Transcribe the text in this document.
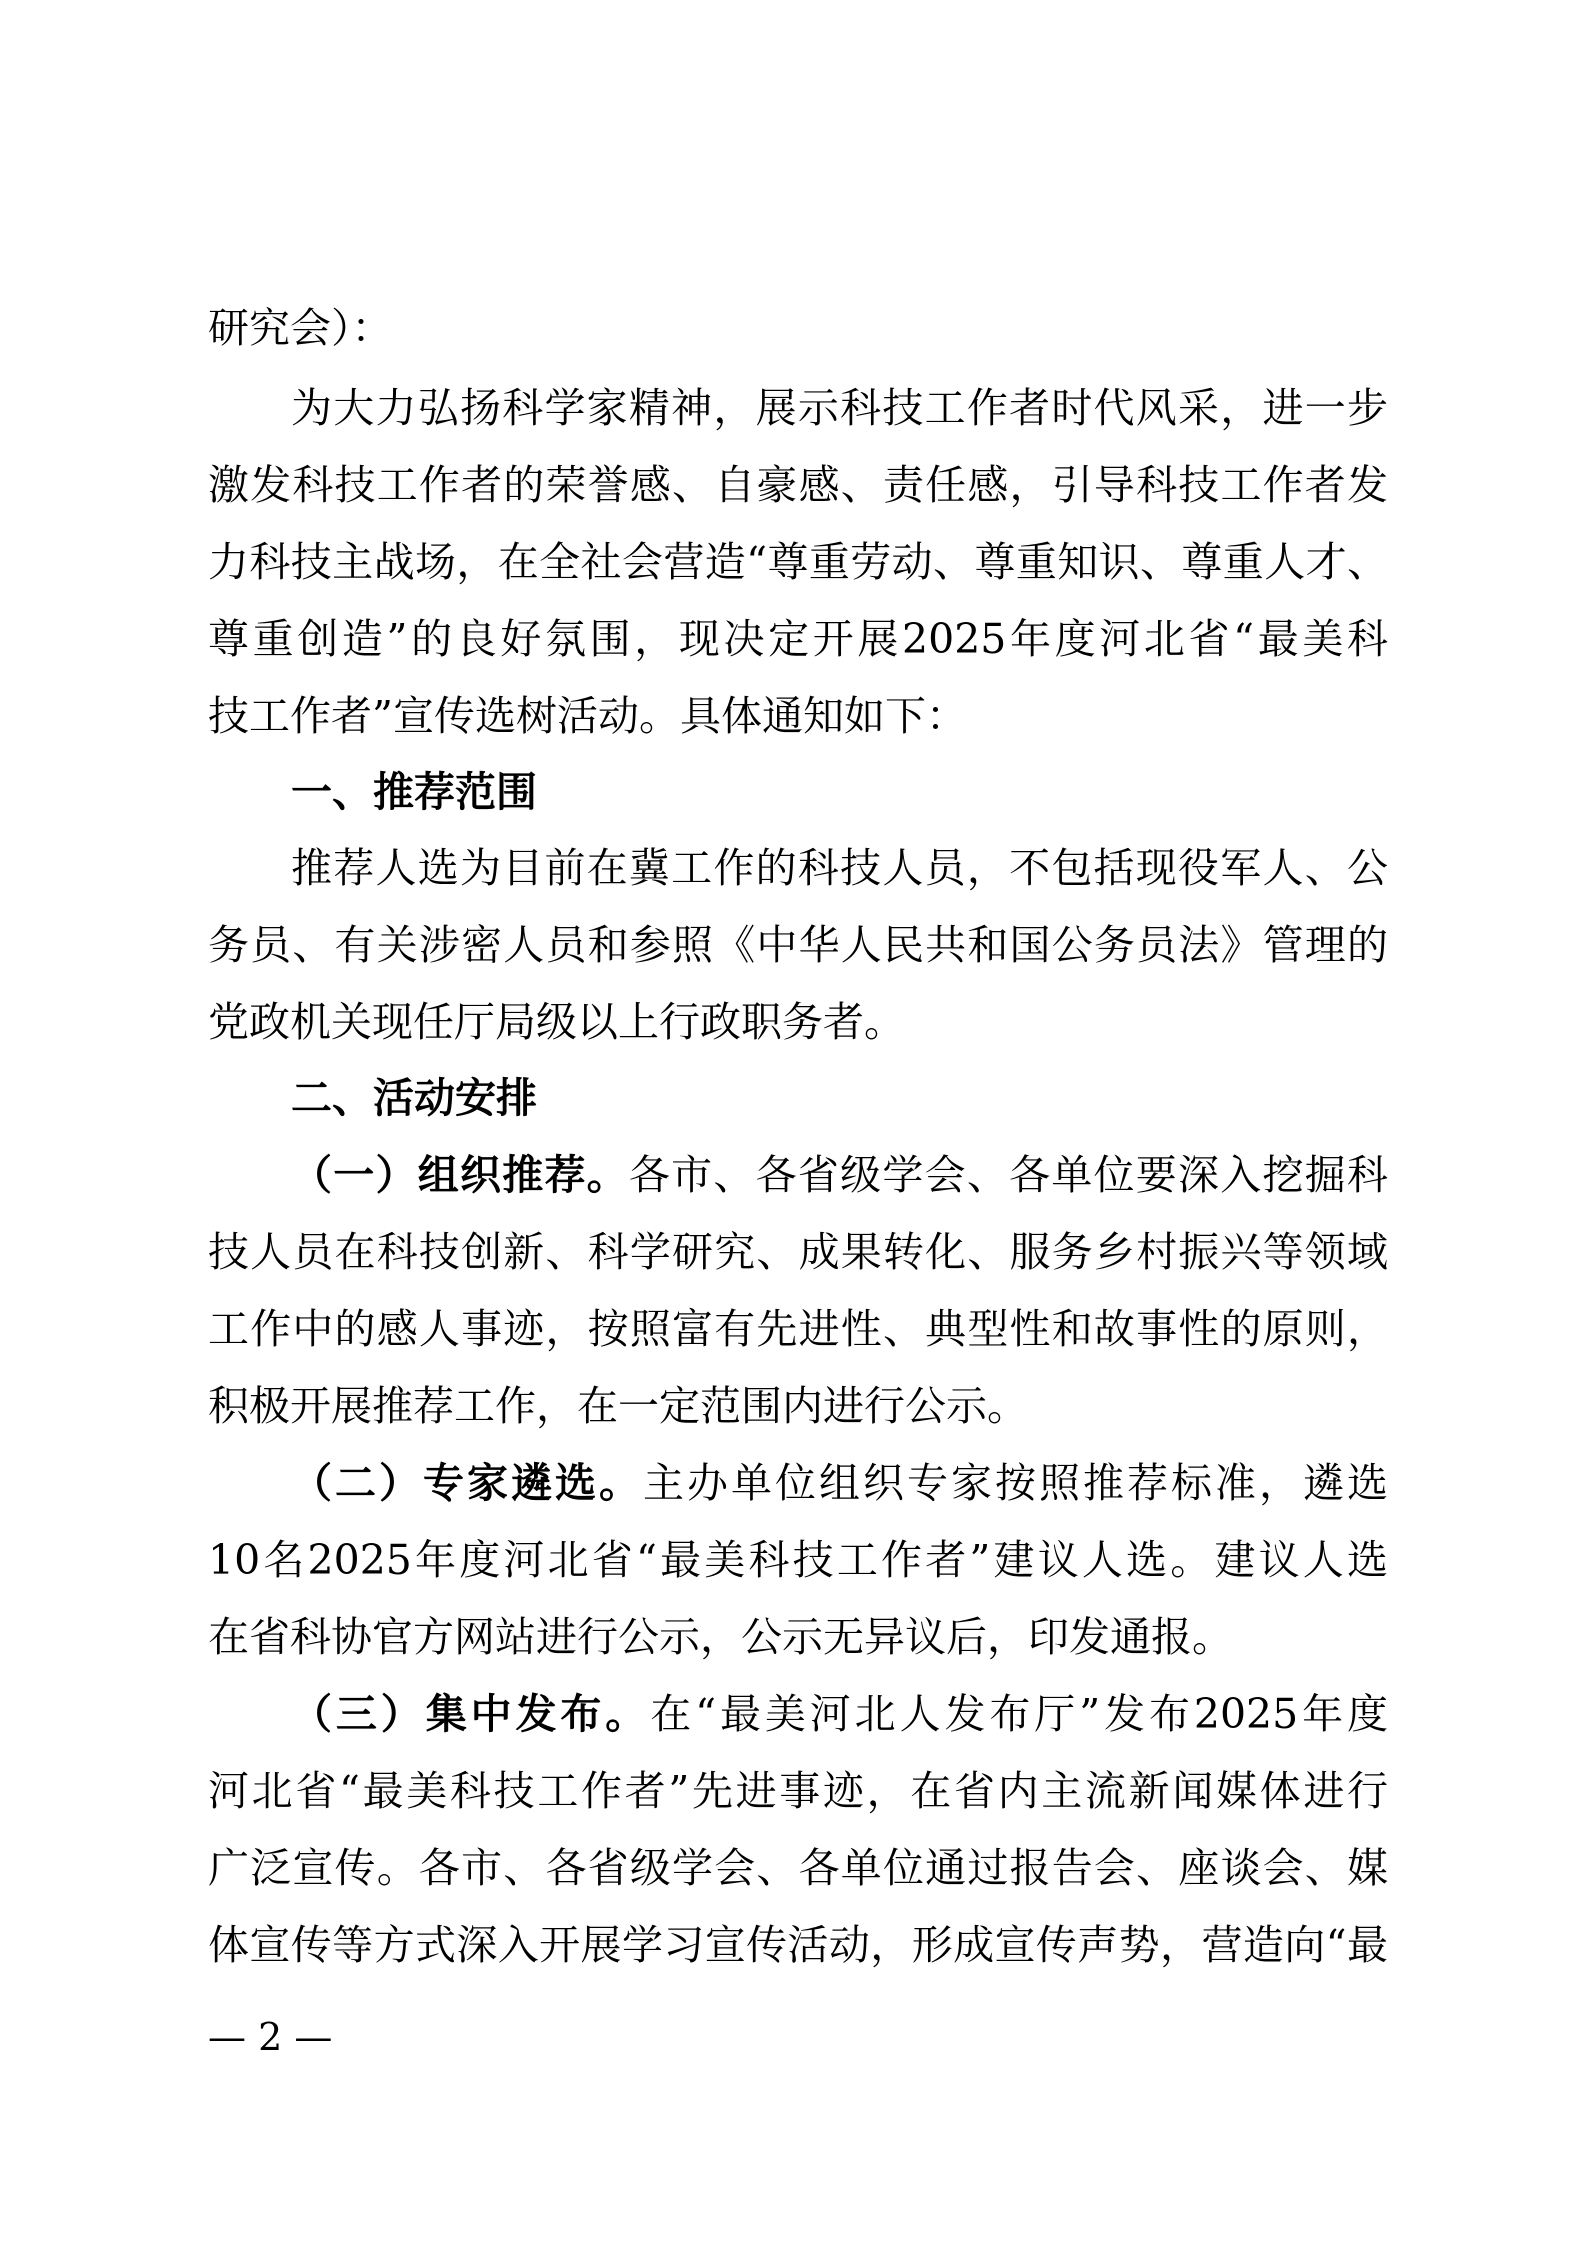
研究会）：
为大力弘扬科学家精神，展示科技工作者时代风采，进一步
激发科技工作者的荣誉感、自豪感、责任感，引导科技工作者发
力科技主战场，在全社会营造“尊重劳动、尊重知识、尊重人才、
尊重创造”的良好氛围，现决定开展2025年度河北省“最美科
技工作者”宣传选树活动。具体通知如下：
一、推荐范围
推荐人选为目前在冀工作的科技人员，不包括现役军人、公
务员、有关涉密人员和参照《中华人民共和国公务员法》管理的
党政机关现任厅局级以上行政职务者。
二、活动安排
（一）组织推荐。各市、各省级学会、各单位要深入挖掘科
技人员在科技创新、科学研究、成果转化、服务乡村振兴等领域
工作中的感人事迹，按照富有先进性、典型性和故事性的原则，
积极开展推荐工作，在一定范围内进行公示。
（二）专家遴选。主办单位组织专家按照推荐标准，遴选
10名2025年度河北省“最美科技工作者”建议人选。建议人选
在省科协官方网站进行公示，公示无异议后，印发通报。
（三）集中发布。在“最美河北人发布厅”发布2025年度
河北省“最美科技工作者”先进事迹，在省内主流新闻媒体进行
广泛宣传。各市、各省级学会、各单位通过报告会、座谈会、媒
体宣传等方式深入开展学习宣传活动，形成宣传声势，营造向“最
— 2 —
